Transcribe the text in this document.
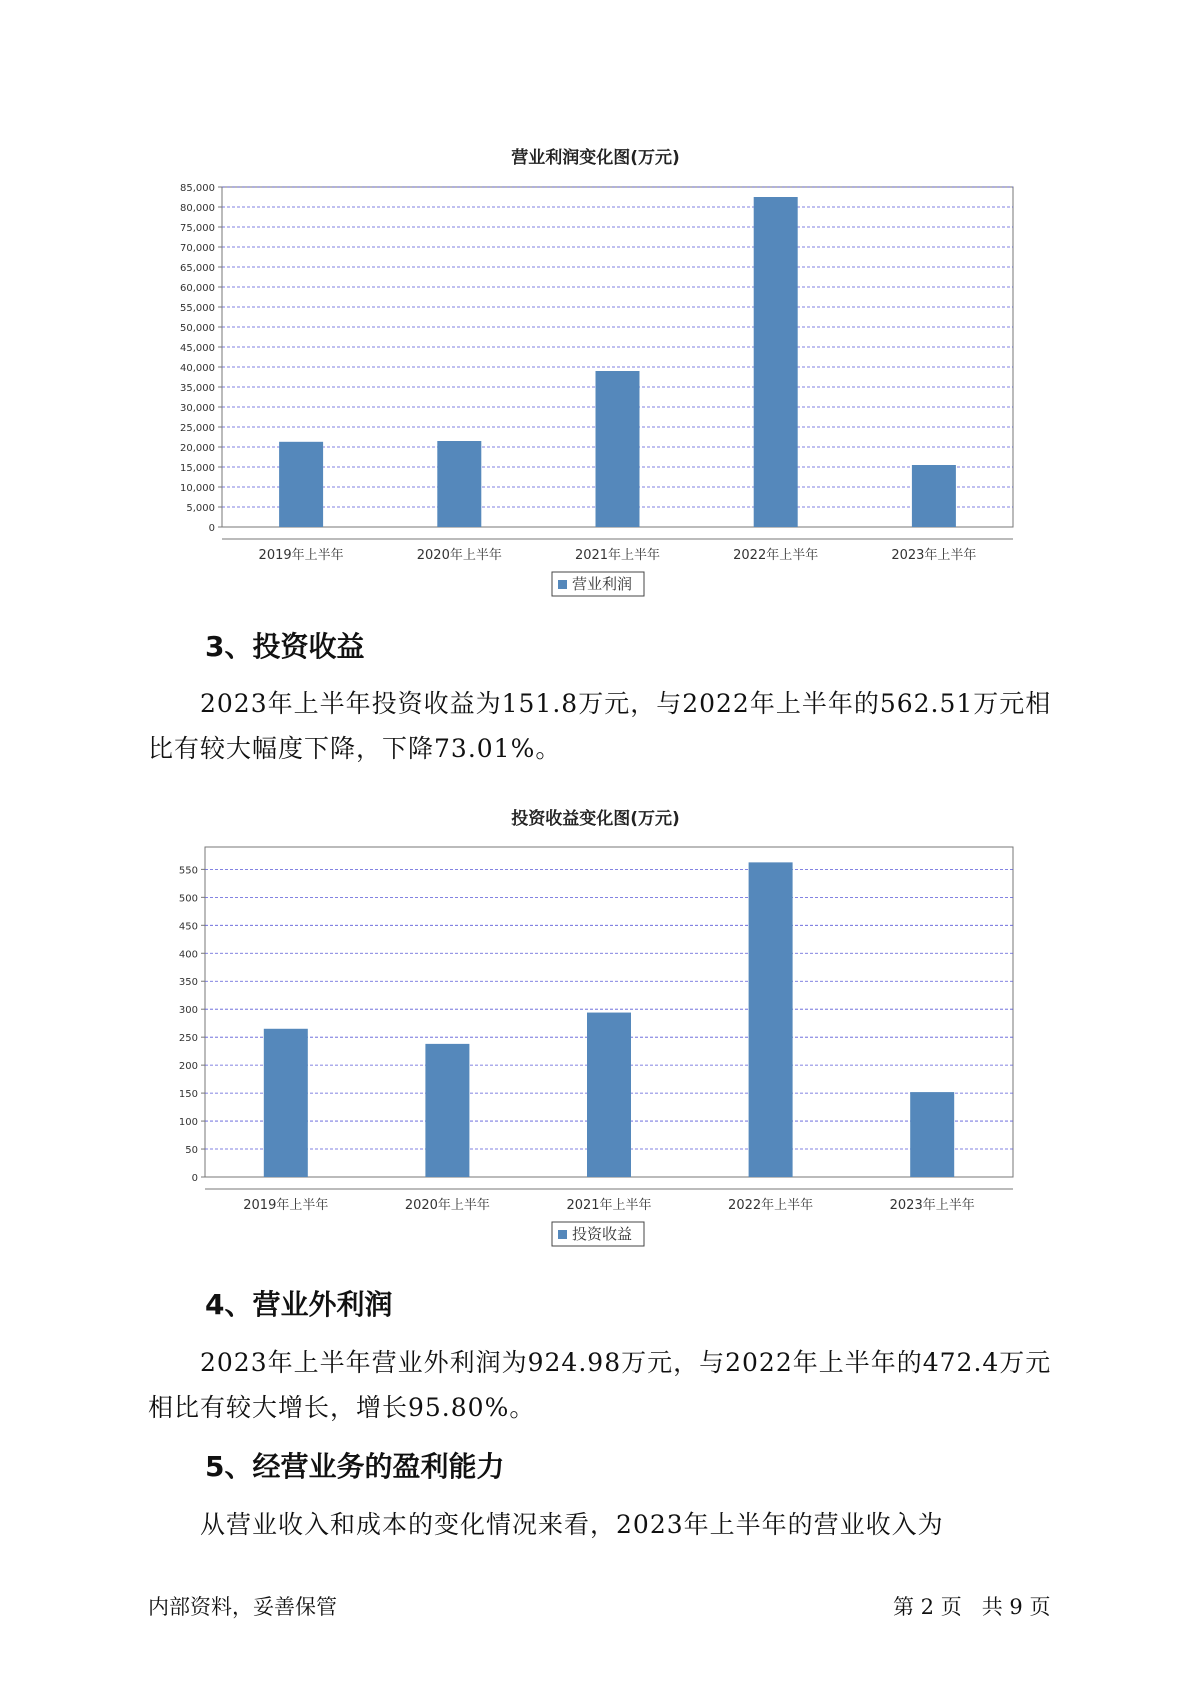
营业利润变化图(万元)
0
5,000
10,000
15,000
20,000
25,000
30,000
35,000
40,000
45,000
50,000
55,000
60,000
65,000
70,000
75,000
80,000
85,000
2019年上半年	2020年上半年	2021年上半年	2022年上半年	2023年上半年
营业利润
3、投资收益

2023年上半年投资收益为151.8万元，与2022年上半年的562.51万元相
比有较大幅度下降，下降73.01%。

投资收益变化图(万元)
0
50
100
150
200
250
300
350
400
450
500
550
2019年上半年	2020年上半年	2021年上半年	2022年上半年	2023年上半年
投资收益
4、营业外利润

2023年上半年营业外利润为924.98万元，与2022年上半年的472.4万元
相比有较大增长，增长95.80%。

5、经营业务的盈利能力

从营业收入和成本的变化情况来看，2023年上半年的营业收入为

内部资料，妥善保管	第 2 页   共 9 页
